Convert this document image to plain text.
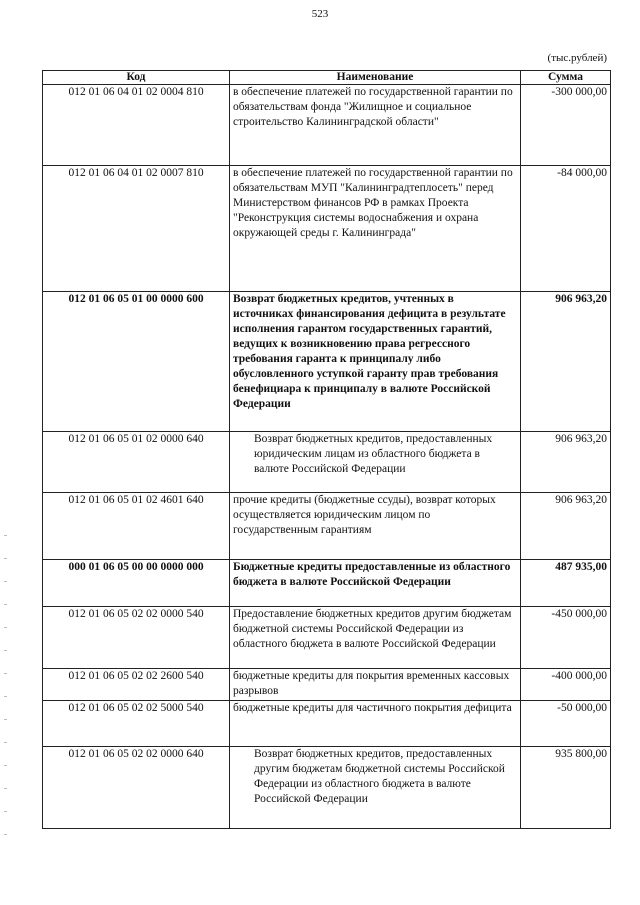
523
(тыс.рублей)
Код	Наименование	Сумма
012 01 06 04 01 02 0004 810	в обеспечение платежей по государственной гарантии по обязательствам фонда "Жилищное и социальное строительство Калининградской области"	-300 000,00
012 01 06 04 01 02 0007 810	в обеспечение платежей по государственной гарантии по обязательствам МУП "Калининградтеплосеть" перед Министерством финансов РФ в рамках Проекта "Реконструкция системы водоснабжения и охрана окружающей среды г. Калининграда"	-84 000,00
012 01 06 05 01 00 0000 600	Возврат бюджетных кредитов, учтенных в источниках финансирования дефицита в результате исполнения гарантом государственных гарантий, ведущих к возникновению права регрессного требования гаранта к принципалу либо обусловленного уступкой гаранту прав требования бенефициара к принципалу в валюте Российской Федерации	906 963,20
012 01 06 05 01 02 0000 640	Возврат бюджетных кредитов, предоставленных юридическим лицам из областного бюджета в валюте Российской Федерации	906 963,20
012 01 06 05 01 02 4601 640	прочие кредиты (бюджетные ссуды), возврат которых осуществляется юридическим лицом по государственным гарантиям	906 963,20
000 01 06 05 00 00 0000 000	Бюджетные кредиты предоставленные из областного бюджета в валюте Российской Федерации	487 935,00
012 01 06 05 02 02 0000 540	Предоставление бюджетных кредитов другим бюджетам бюджетной системы Российской Федерации из областного бюджета в валюте Российской Федерации	-450 000,00
012 01 06 05 02 02 2600 540	бюджетные кредиты для покрытия временных кассовых разрывов	-400 000,00
012 01 06 05 02 02 5000 540	бюджетные кредиты для частичного покрытия дефицита	-50 000,00
012 01 06 05 02 02 0000 640	Возврат бюджетных кредитов, предоставленных другим бюджетам бюджетной системы Российской Федерации из областного бюджета в валюте Российской Федерации	935 800,00
